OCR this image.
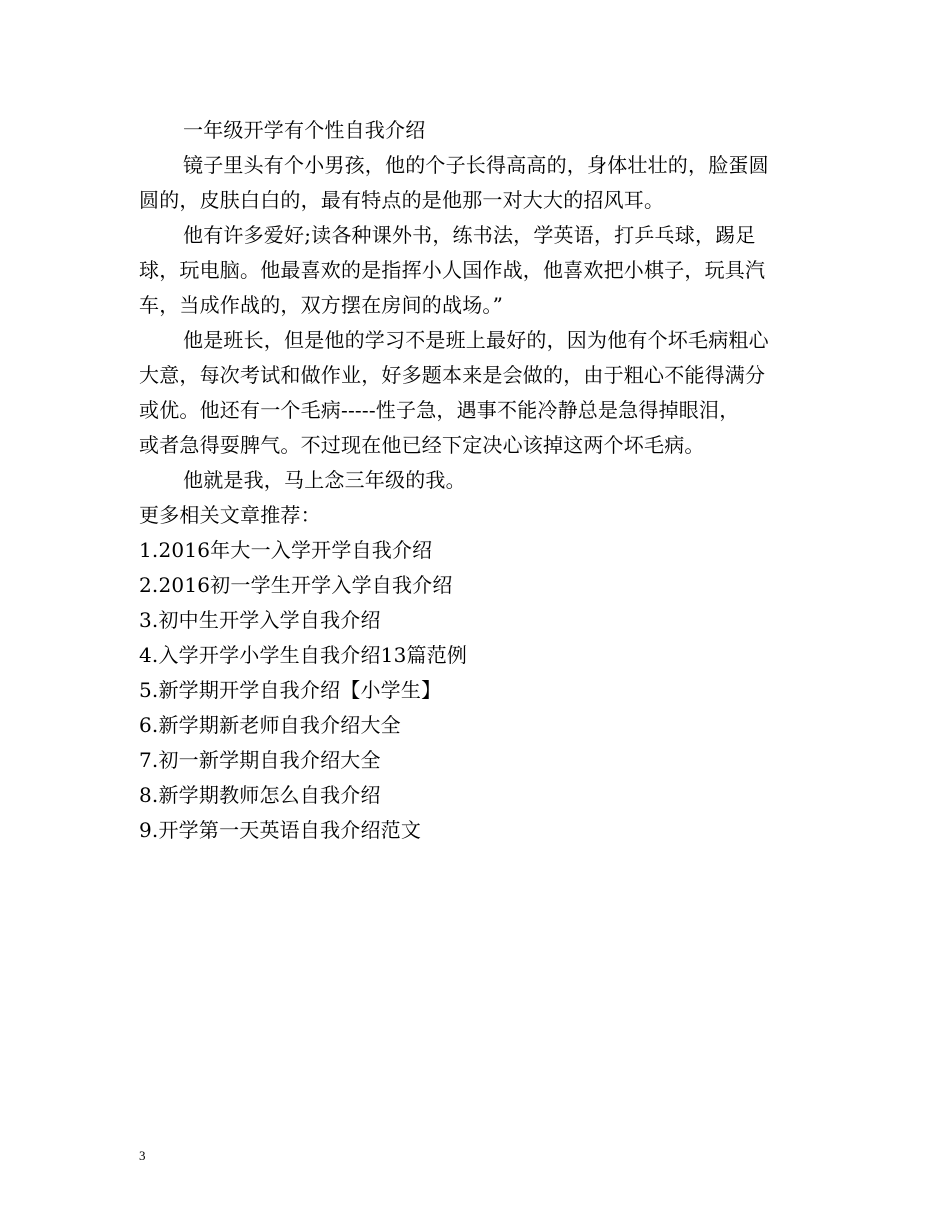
一年级开学有个性自我介绍
镜子里头有个小男孩，他的个子长得高高的，身体壮壮的，脸蛋圆
圆的，皮肤白白的，最有特点的是他那一对大大的招风耳。
他有许多爱好;读各种课外书，练书法，学英语，打乒乓球，踢足
球，玩电脑。他最喜欢的是指挥小人国作战，他喜欢把小棋子，玩具汽
车，当成作战的，双方摆在房间的战场。”
他是班长，但是他的学习不是班上最好的，因为他有个坏毛病粗心
大意，每次考试和做作业，好多题本来是会做的，由于粗心不能得满分
或优。他还有一个毛病-----性子急，遇事不能冷静总是急得掉眼泪，
或者急得耍脾气。不过现在他已经下定决心该掉这两个坏毛病。
他就是我，马上念三年级的我。
更多相关文章推荐：
1.2016年大一入学开学自我介绍
2.2016初一学生开学入学自我介绍
3.初中生开学入学自我介绍
4.入学开学小学生自我介绍13篇范例
5.新学期开学自我介绍【小学生】
6.新学期新老师自我介绍大全
7.初一新学期自我介绍大全
8.新学期教师怎么自我介绍
9.开学第一天英语自我介绍范文
3
